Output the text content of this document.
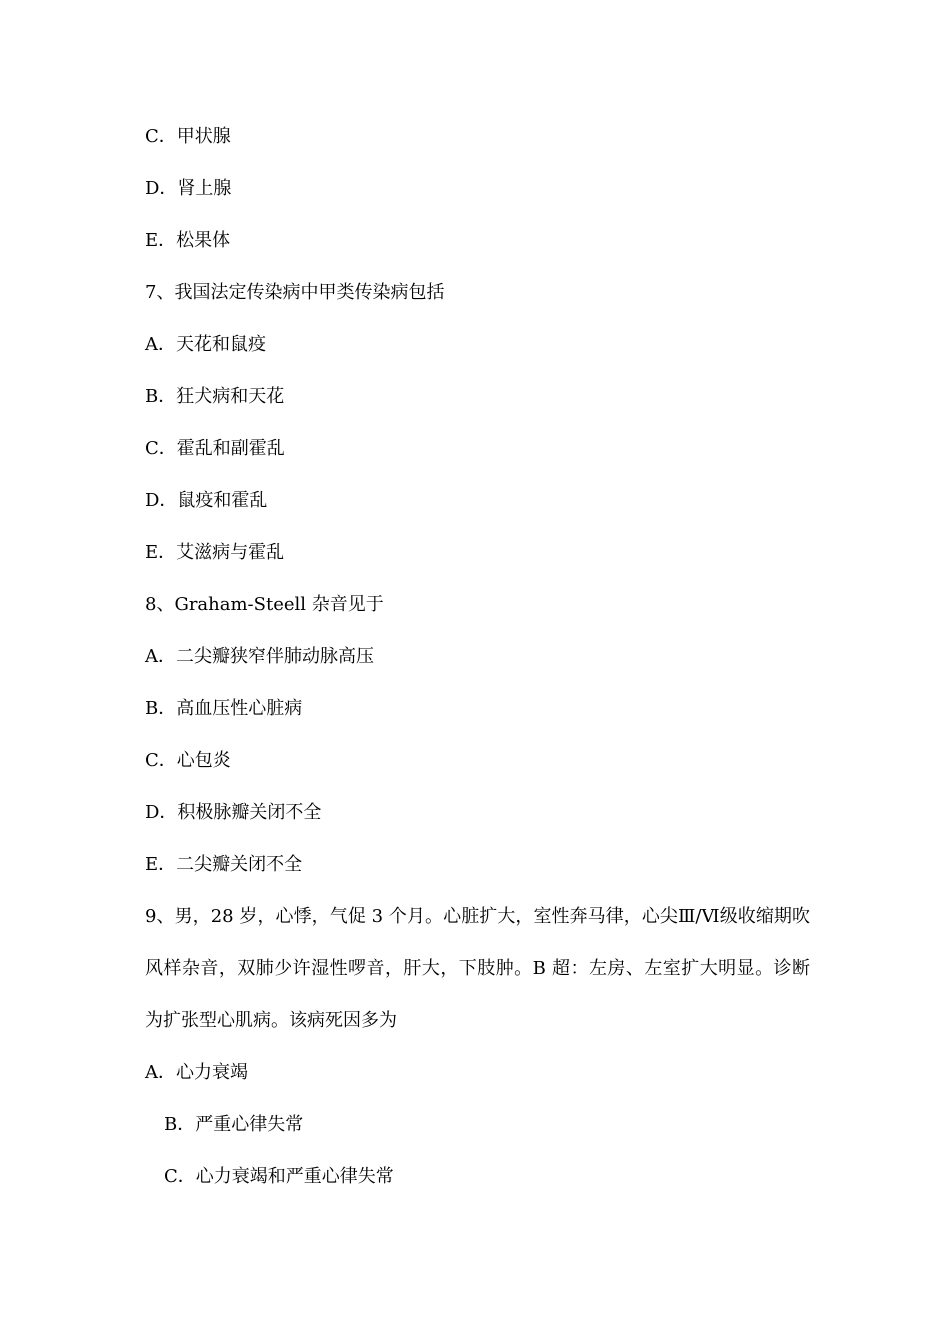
C．甲状腺
D．肾上腺
E．松果体
7、我国法定传染病中甲类传染病包括
A．天花和鼠疫
B．狂犬病和天花
C．霍乱和副霍乱
D．鼠疫和霍乱
E．艾滋病与霍乱
8、Graham-Steell 杂音见于
A．二尖瓣狭窄伴肺动脉高压
B．高血压性心脏病
C．心包炎
D．积极脉瓣关闭不全
E．二尖瓣关闭不全
9、男，28 岁，心悸，气促 3 个月。心脏扩大，室性奔马律，心尖Ⅲ/Ⅵ级收缩期吹风样杂音，双肺少许湿性啰音，肝大，下肢肿。B 超：左房、左室扩大明显。诊断为扩张型心肌病。该病死因多为
A．心力衰竭
B．严重心律失常
C．心力衰竭和严重心律失常
